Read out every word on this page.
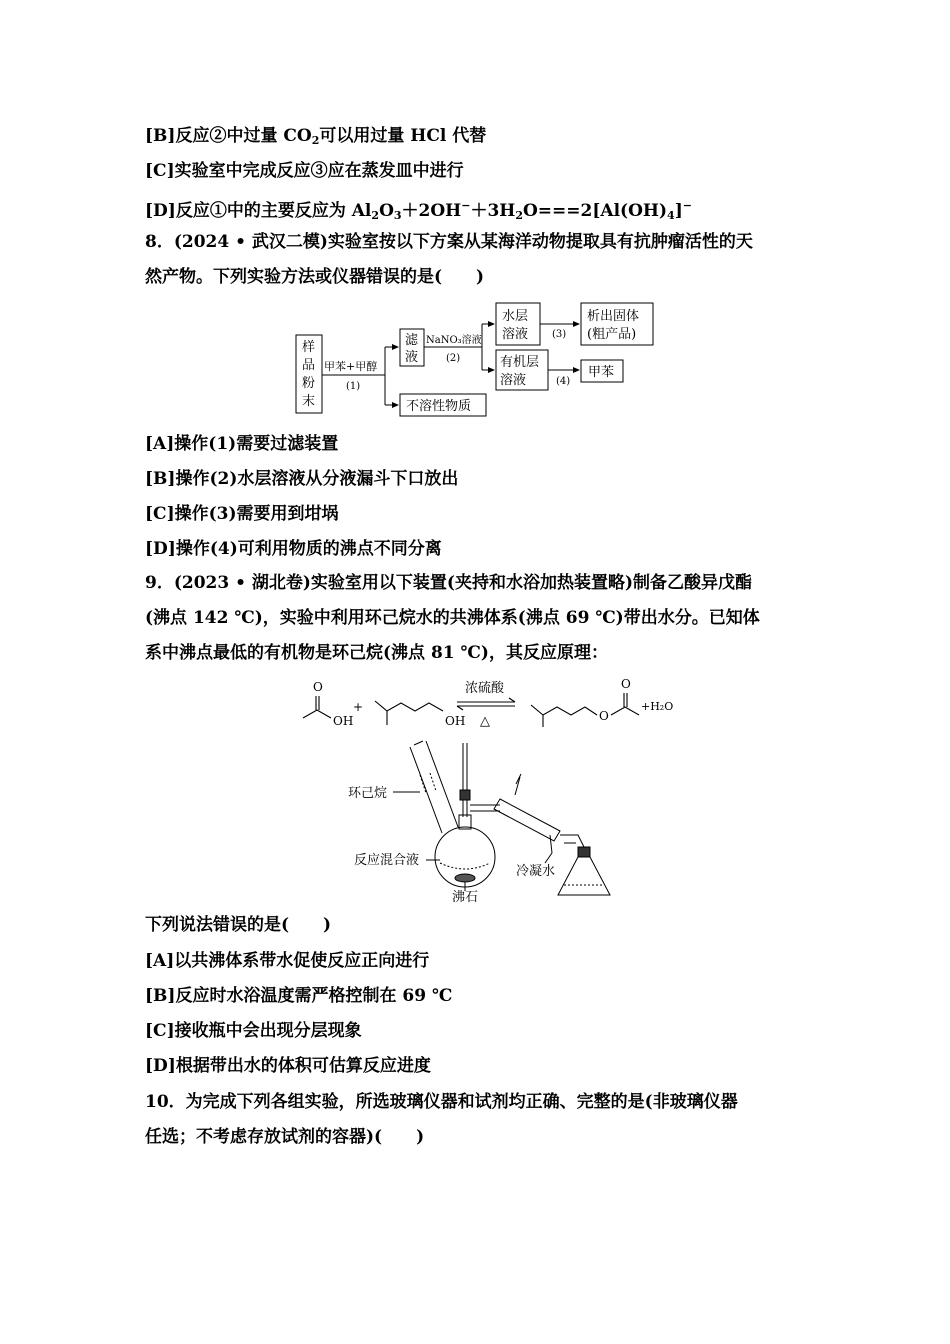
[B]反应②中过量 $CO_2$可以用过量 HCl 代替
[C]实验室中完成反应③应在蒸发皿中进行
[D]反应①中的主要反应为 $Al_2O_3+2OH^-+3H_2O===2[Al(OH)_4]^-$
8．(2024 • 武汉二模)实验室按以下方案从某海洋动物提取具有抗肿瘤活性的天
然产物。下列实验方法或仪器错误的是(　　)
样
品
粉
末
甲苯+甲醇
(1)
滤
液
NaNO₃溶液
(2)
水层
溶液 (3)
析出固体
(粗产品)
有机层
溶液	(4)
甲苯
不溶性物质
[A]操作(1)需要过滤装置
[B]操作(2)水层溶液从分液漏斗下口放出
[C]操作(3)需要用到坩埚
[D]操作(4)可利用物质的沸点不同分离
9．(2023 • 湖北卷)实验室用以下装置(夹持和水浴加热装置略)制备乙酸异戊酯
(沸点 142 ℃)，实验中利用环己烷水的共沸体系(沸点 69 ℃)带出水分。已知体
系中沸点最低的有机物是环己烷(沸点 81 ℃)，其反应原理：
O
OH
+
OH
浓硫酸
△
O
O
+H₂O
环己烷
反应混合液
沸石
冷凝水
下列说法错误的是(　　)
[A]以共沸体系带水促使反应正向进行
[B]反应时水浴温度需严格控制在 69 ℃
[C]接收瓶中会出现分层现象
[D]根据带出水的体积可估算反应进度
10．为完成下列各组实验，所选玻璃仪器和试剂均正确、完整的是(非玻璃仪器
任选；不考虑存放试剂的容器)(　　)
